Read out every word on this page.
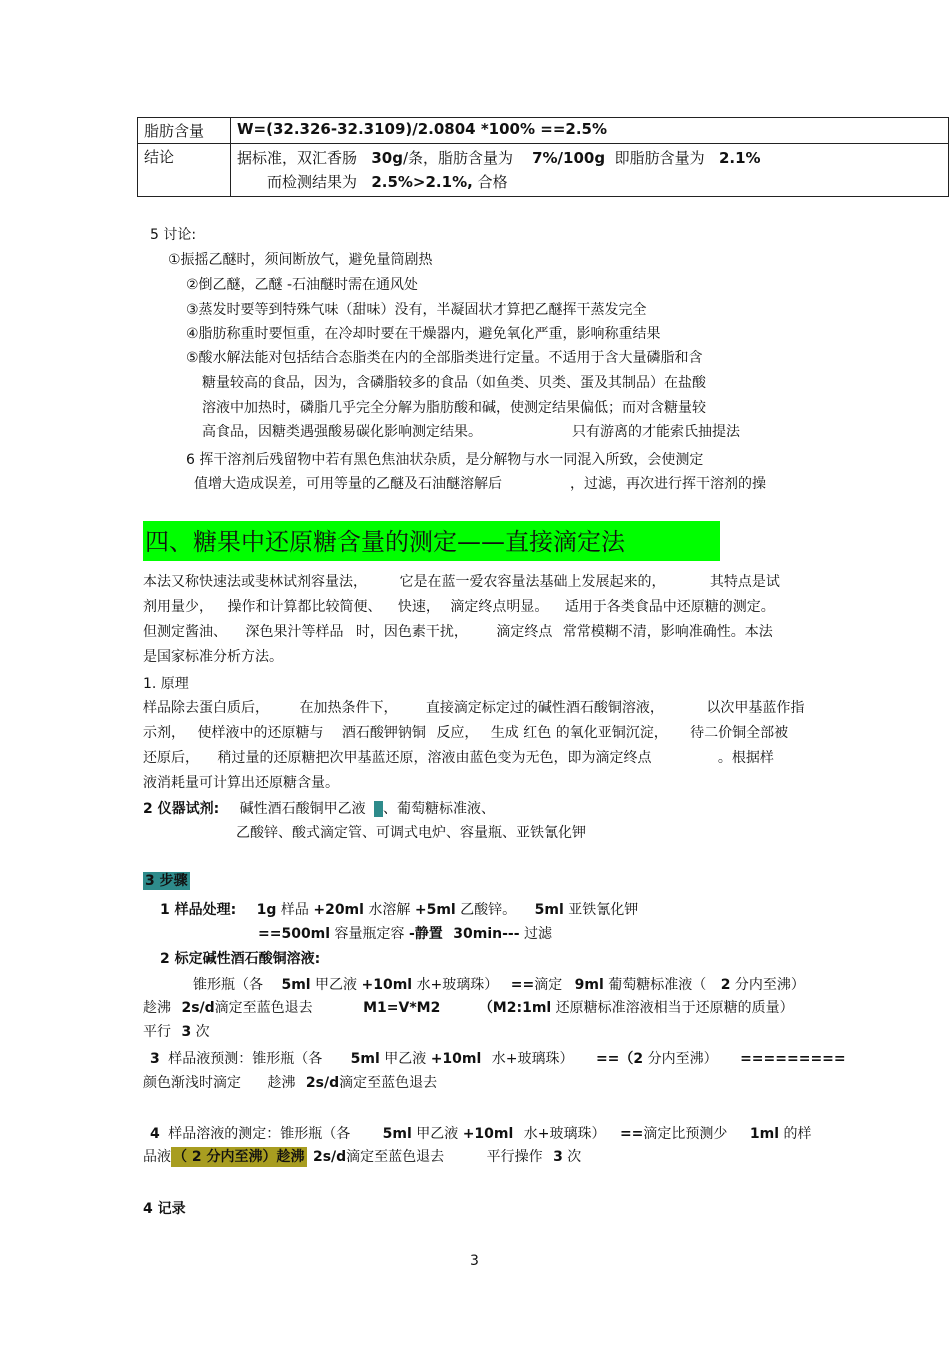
脂肪含量	W=(32.326-32.3109)/2.0804 *100% ==2.5%
结论	据标准，双汇香肠 30g/条，脂肪含量为 7%/100g 即脂肪含量为 2.1%
而检测结果为 2.5%>2.1%, 合格
5 讨论:
①振摇乙醚时，须间断放气，避免量筒剧热
②倒乙醚，乙醚 -石油醚时需在通风处
③蒸发时要等到特殊气味（甜味）没有，半凝固状才算把乙醚挥干蒸发完全
④脂肪称重时要恒重，在冷却时要在干燥器内，避免氧化严重，影响称重结果
⑤酸水解法能对包括结合态脂类在内的全部脂类进行定量。不适用于含大量磷脂和含
糖量较高的食品，因为，含磷脂较多的食品（如鱼类、贝类、蛋及其制品）在盐酸
溶液中加热时，磷脂几乎完全分解为脂肪酸和碱，使测定结果偏低；而对含糖量较
高食品，因糖类遇强酸易碳化影响测定结果。	只有游离的才能索氏抽提法
6 挥干溶剂后残留物中若有黑色焦油状杂质，是分解物与水一同混入所致，会使测定
值增大造成误差，可用等量的乙醚及石油醚溶解后	，过滤，再次进行挥干溶剂的操
四、糖果中还原糖含量的测定——直接滴定法
本法又称快速法或斐林试剂容量法， 它是在蓝一爱农容量法基础上发展起来的，	其特点是试
剂用量少， 操作和计算都比较简便、 快速， 滴定终点明显。 适用于各类食品中还原糖的测定。
但测定酱油、 深色果汁等样品 时，因色素干扰， 滴定终点 常常模糊不清，影响准确性。本法
是国家标准分析方法。
1. 原理
样品除去蛋白质后， 在加热条件下， 直接滴定标定过的碱性酒石酸铜溶液，	以次甲基蓝作指
示剂， 使样液中的还原糖与 酒石酸钾钠铜 反应， 生成 红色 的氧化亚铜沉淀， 待二价铜全部被
还原后， 稍过量的还原糖把次甲基蓝还原，溶液由蓝色变为无色，即为滴定终点	。根据样
液消耗量可计算出还原糖含量。
2 仪器试剂: 碱性酒石酸铜甲乙液 、葡萄糖标准液、
乙酸锌、酸式滴定管、可调式电炉、容量瓶、亚铁氰化钾
3 步骤
1 样品处理: 1g 样品 +20ml 水溶解 +5ml 乙酸锌。 5ml 亚铁氰化钾
==500ml 容量瓶定容 -静置 30min--- 过滤
2 标定碱性酒石酸铜溶液:
锥形瓶（各 5ml 甲乙液 +10ml 水+玻璃珠） ==滴定 9ml 葡萄糖标准液（ 2 分内至沸）
趁沸 2s/d滴定至蓝色退去	M1=V*M2	（M2:1ml 还原糖标准溶液相当于还原糖的质量）
平行 3 次
3 样品液预测：锥形瓶（各 5ml 甲乙液 +10ml 水+玻璃珠） ==（2 分内至沸） =========
颜色渐浅时滴定 趁沸 2s/d滴定至蓝色退去
4 样品溶液的测定：锥形瓶（各 5ml 甲乙液 +10ml 水+玻璃珠） ==滴定比预测少 1ml 的样
品液 （ 2 分内至沸）趁沸 2s/d滴定至蓝色退去	平行操作 3 次
4 记录
3
